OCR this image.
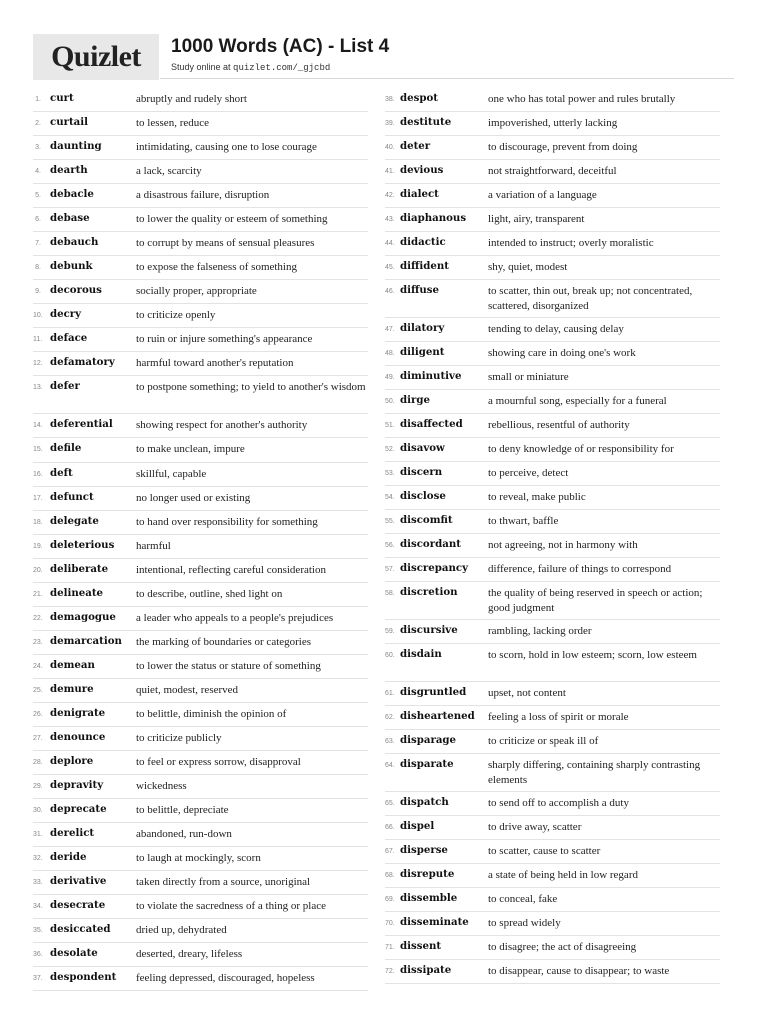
Quizlet	1000 Words (AC) - List 4
Study online at quizlet.com/_gjcbd
1. curt	abruptly and rudely short
2. curtail	to lessen, reduce
3. daunting	intimidating, causing one to lose courage
4. dearth	a lack, scarcity
5. debacle	a disastrous failure, disruption
6. debase	to lower the quality or esteem of something
7. debauch	to corrupt by means of sensual pleasures
8. debunk	to expose the falseness of something
9. decorous	socially proper, appropriate
10. decry	to criticize openly
11. deface	to ruin or injure something's appearance
12. defamatory	harmful toward another's reputation
13. defer	to postpone something; to yield to another's wisdom
14. deferential	showing respect for another's authority
15. defile	to make unclean, impure
16. deft	skillful, capable
17. defunct	no longer used or existing
18. delegate	to hand over responsibility for something
19. deleterious	harmful
20. deliberate	intentional, reflecting careful consideration
21. delineate	to describe, outline, shed light on
22. demagogue	a leader who appeals to a people's prejudices
23. demarcation	the marking of boundaries or categories
24. demean	to lower the status or stature of something
25. demure	quiet, modest, reserved
26. denigrate	to belittle, diminish the opinion of
27. denounce	to criticize publicly
28. deplore	to feel or express sorrow, disapproval
29. depravity	wickedness
30. deprecate	to belittle, depreciate
31. derelict	abandoned, run-down
32. deride	to laugh at mockingly, scorn
33. derivative	taken directly from a source, unoriginal
34. desecrate	to violate the sacredness of a thing or place
35. desiccated	dried up, dehydrated
36. desolate	deserted, dreary, lifeless
37. despondent	feeling depressed, discouraged, hopeless
38. despot	one who has total power and rules brutally
39. destitute	impoverished, utterly lacking
40. deter	to discourage, prevent from doing
41. devious	not straightforward, deceitful
42. dialect	a variation of a language
43. diaphanous	light, airy, transparent
44. didactic	intended to instruct; overly moralistic
45. diffident	shy, quiet, modest
46. diffuse	to scatter, thin out, break up; not concentrated, scattered, disorganized
47. dilatory	tending to delay, causing delay
48. diligent	showing care in doing one's work
49. diminutive	small or miniature
50. dirge	a mournful song, especially for a funeral
51. disaffected	rebellious, resentful of authority
52. disavow	to deny knowledge of or responsibility for
53. discern	to perceive, detect
54. disclose	to reveal, make public
55. discomfit	to thwart, baffle
56. discordant	not agreeing, not in harmony with
57. discrepancy	difference, failure of things to correspond
58. discretion	the quality of being reserved in speech or action; good judgment
59. discursive	rambling, lacking order
60. disdain	to scorn, hold in low esteem; scorn, low esteem
61. disgruntled	upset, not content
62. disheartened	feeling a loss of spirit or morale
63. disparage	to criticize or speak ill of
64. disparate	sharply differing, containing sharply contrasting elements
65. dispatch	to send off to accomplish a duty
66. dispel	to drive away, scatter
67. disperse	to scatter, cause to scatter
68. disrepute	a state of being held in low regard
69. dissemble	to conceal, fake
70. disseminate	to spread widely
71. dissent	to disagree; the act of disagreeing
72. dissipate	to disappear, cause to disappear; to waste
